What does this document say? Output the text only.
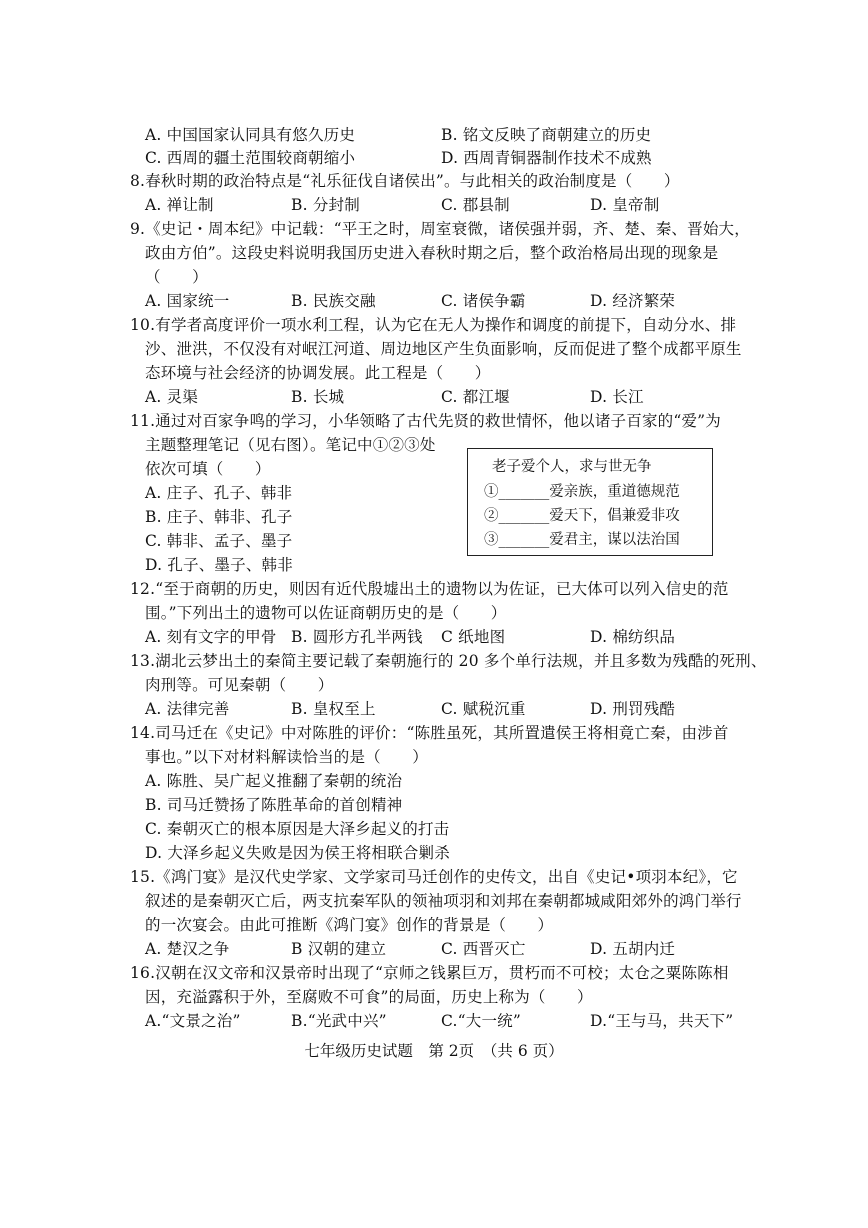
A. 中国国家认同具有悠久历史	B. 铭文反映了商朝建立的历史
C. 西周的疆土范围较商朝缩小	D. 西周青铜器制作技术不成熟
8.春秋时期的政治特点是“礼乐征伐自诸侯出”。与此相关的政治制度是（　　）
A. 禅让制	B. 分封制	C. 郡县制	D. 皇帝制
9.《史记・周本纪》中记载：“平王之时，周室衰微，诸侯强并弱，齐、楚、秦、晋始大，
政由方伯”。这段史料说明我国历史进入春秋时期之后，整个政治格局出现的现象是
（　　）
A. 国家统一	B. 民族交融	C. 诸侯争霸	D. 经济繁荣
10.有学者高度评价一项水利工程，认为它在无人为操作和调度的前提下，自动分水、排
沙、泄洪，不仅没有对岷江河道、周边地区产生负面影响，反而促进了整个成都平原生
态环境与社会经济的协调发展。此工程是（　　）
A. 灵渠	B. 长城	C. 都江堰	D. 长江
11.通过对百家争鸣的学习，小华领略了古代先贤的救世情怀，他以诸子百家的“爱”为
主题整理笔记（见右图）。笔记中①②③处
依次可填（　　）
A. 庄子、孔子、韩非
B. 庄子、韩非、孔子
C. 韩非、孟子、墨子
D. 孔子、墨子、韩非
老子爱个人，求与世无争
①_______爱亲族，重道德规范
②_______爱天下，倡兼爱非攻
③_______爱君主，谋以法治国
12.“至于商朝的历史，则因有近代殷墟出土的遗物以为佐证，已大体可以列入信史的范
围。”下列出土的遗物可以佐证商朝历史的是（　　）
A. 刻有文字的甲骨 B. 圆形方孔半两钱 C 纸地图	D. 棉纺织品
13.湖北云梦出土的秦简主要记载了秦朝施行的 20 多个单行法规，并且多数为残酷的死刑、
肉刑等。可见秦朝（　　）
A. 法律完善	B. 皇权至上	C. 赋税沉重	D. 刑罚残酷
14.司马迁在《史记》中对陈胜的评价：“陈胜虽死，其所置遣侯王将相竟亡秦，由涉首
事也。”以下对材料解读恰当的是（　　）
A. 陈胜、吴广起义推翻了秦朝的统治
B. 司马迁赞扬了陈胜革命的首创精神
C. 秦朝灭亡的根本原因是大泽乡起义的打击
D. 大泽乡起义失败是因为侯王将相联合剿杀
15.《鸿门宴》是汉代史学家、文学家司马迁创作的史传文，出自《史记•项羽本纪》，它
叙述的是秦朝灭亡后，两支抗秦军队的领袖项羽和刘邦在秦朝都城咸阳郊外的鸿门举行
的一次宴会。由此可推断《鸿门宴》创作的背景是（　　）
A. 楚汉之争	B 汉朝的建立	C. 西晋灭亡	D. 五胡内迁
16.汉朝在汉文帝和汉景帝时出现了“京师之钱累巨万，贯朽而不可校；太仓之粟陈陈相
因，充溢露积于外，至腐败不可食”的局面，历史上称为（　　）
A.“文景之治”	B.“光武中兴”	C.“大一统”	D.“王与马，共天下”
七年级历史试题　第 2页　（共 6 页）
